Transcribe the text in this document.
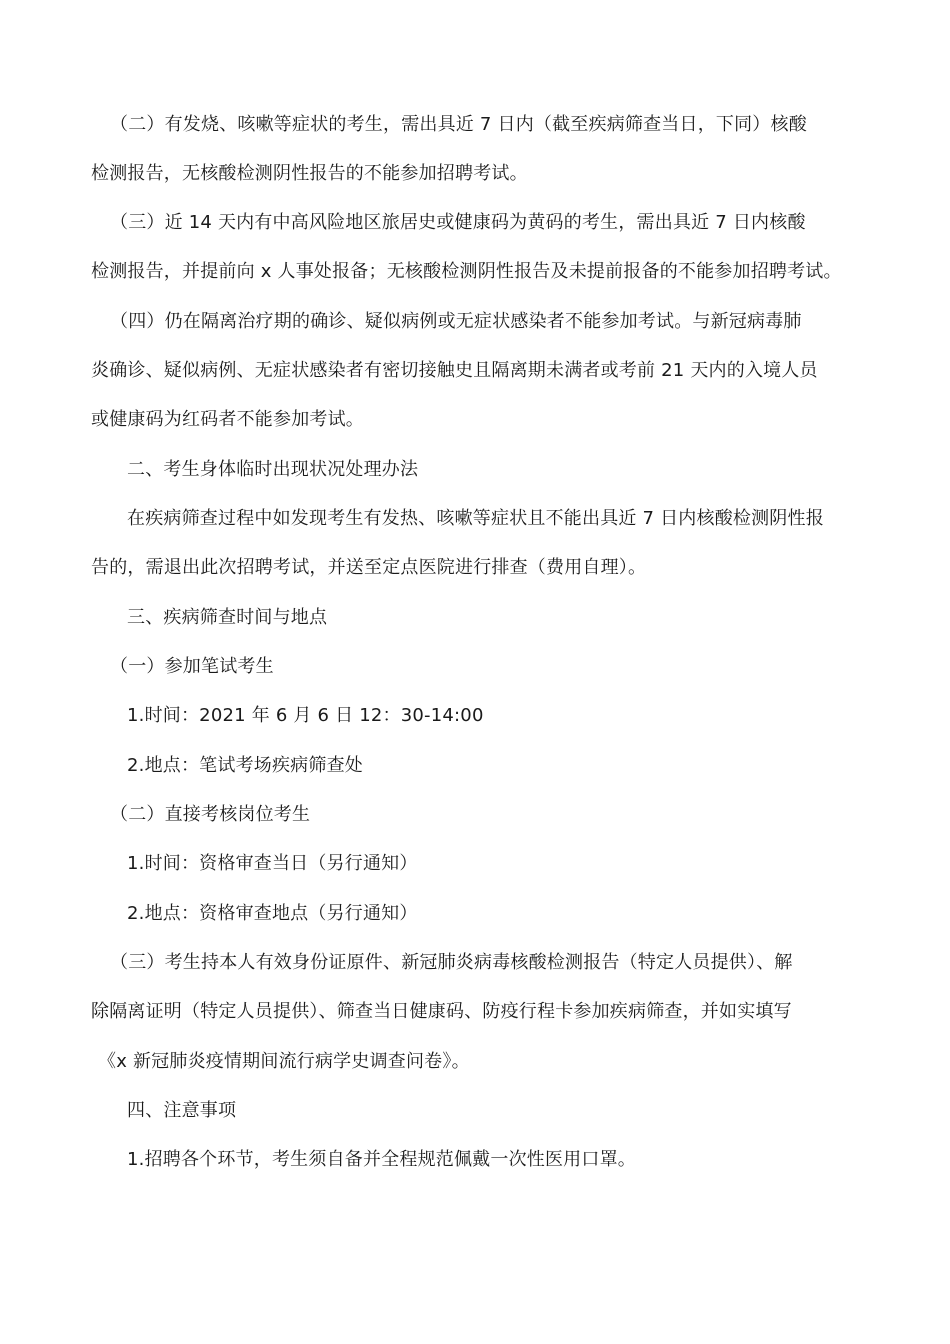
（二）有发烧、咳嗽等症状的考生，需出具近 7 日内（截至疾病筛查当日，下同）核酸
检测报告，无核酸检测阴性报告的不能参加招聘考试。
（三）近 14 天内有中高风险地区旅居史或健康码为黄码的考生，需出具近 7 日内核酸
检测报告，并提前向 x 人事处报备；无核酸检测阴性报告及未提前报备的不能参加招聘考试。
（四）仍在隔离治疗期的确诊、疑似病例或无症状感染者不能参加考试。与新冠病毒肺
炎确诊、疑似病例、无症状感染者有密切接触史且隔离期未满者或考前 21 天内的入境人员
或健康码为红码者不能参加考试。
二、考生身体临时出现状况处理办法
在疾病筛查过程中如发现考生有发热、咳嗽等症状且不能出具近 7 日内核酸检测阴性报
告的，需退出此次招聘考试，并送至定点医院进行排查（费用自理）。
三、疾病筛查时间与地点
（一）参加笔试考生
1.时间：2021 年 6 月 6 日 12：30-14:00
2.地点：笔试考场疾病筛查处
（二）直接考核岗位考生
1.时间：资格审查当日（另行通知）
2.地点：资格审查地点（另行通知）
（三）考生持本人有效身份证原件、新冠肺炎病毒核酸检测报告（特定人员提供）、解
除隔离证明（特定人员提供）、筛查当日健康码、防疫行程卡参加疾病筛查，并如实填写
《x 新冠肺炎疫情期间流行病学史调查问卷》。
四、注意事项
1.招聘各个环节，考生须自备并全程规范佩戴一次性医用口罩。
